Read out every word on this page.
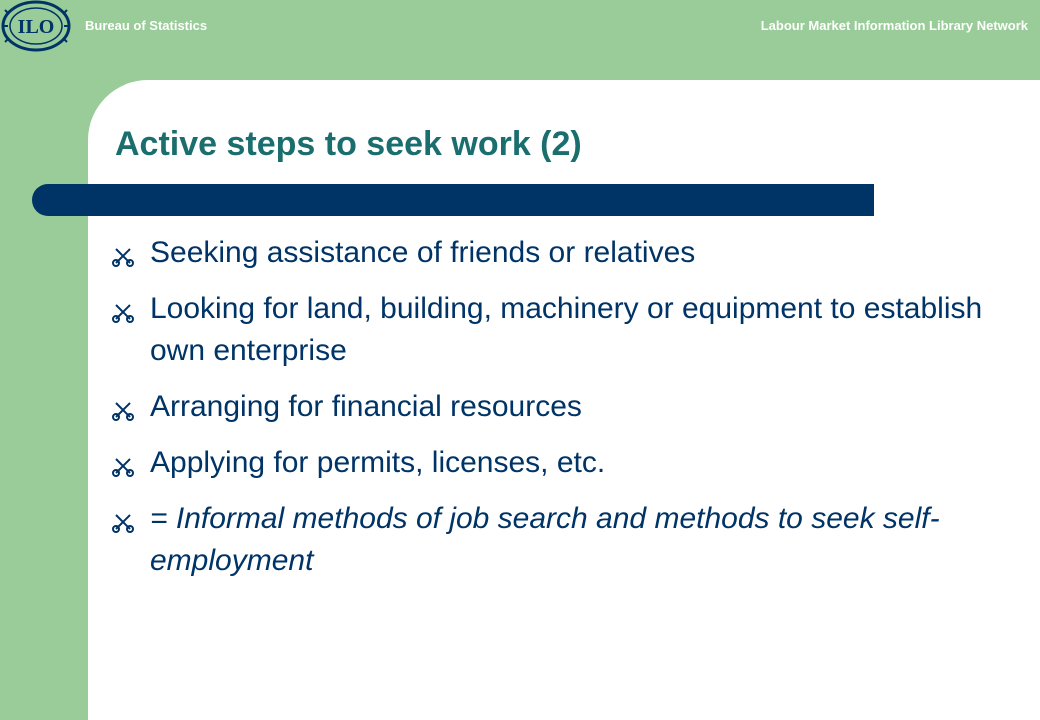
ILO Bureau of Statistics	Labour Market Information Library Network
Active steps to seek work (2)
Seeking assistance of friends or relatives
Looking for land, building, machinery or equipment to establish own enterprise
Arranging for financial resources
Applying for permits, licenses, etc.
= Informal methods of job search and methods to seek self-employment
